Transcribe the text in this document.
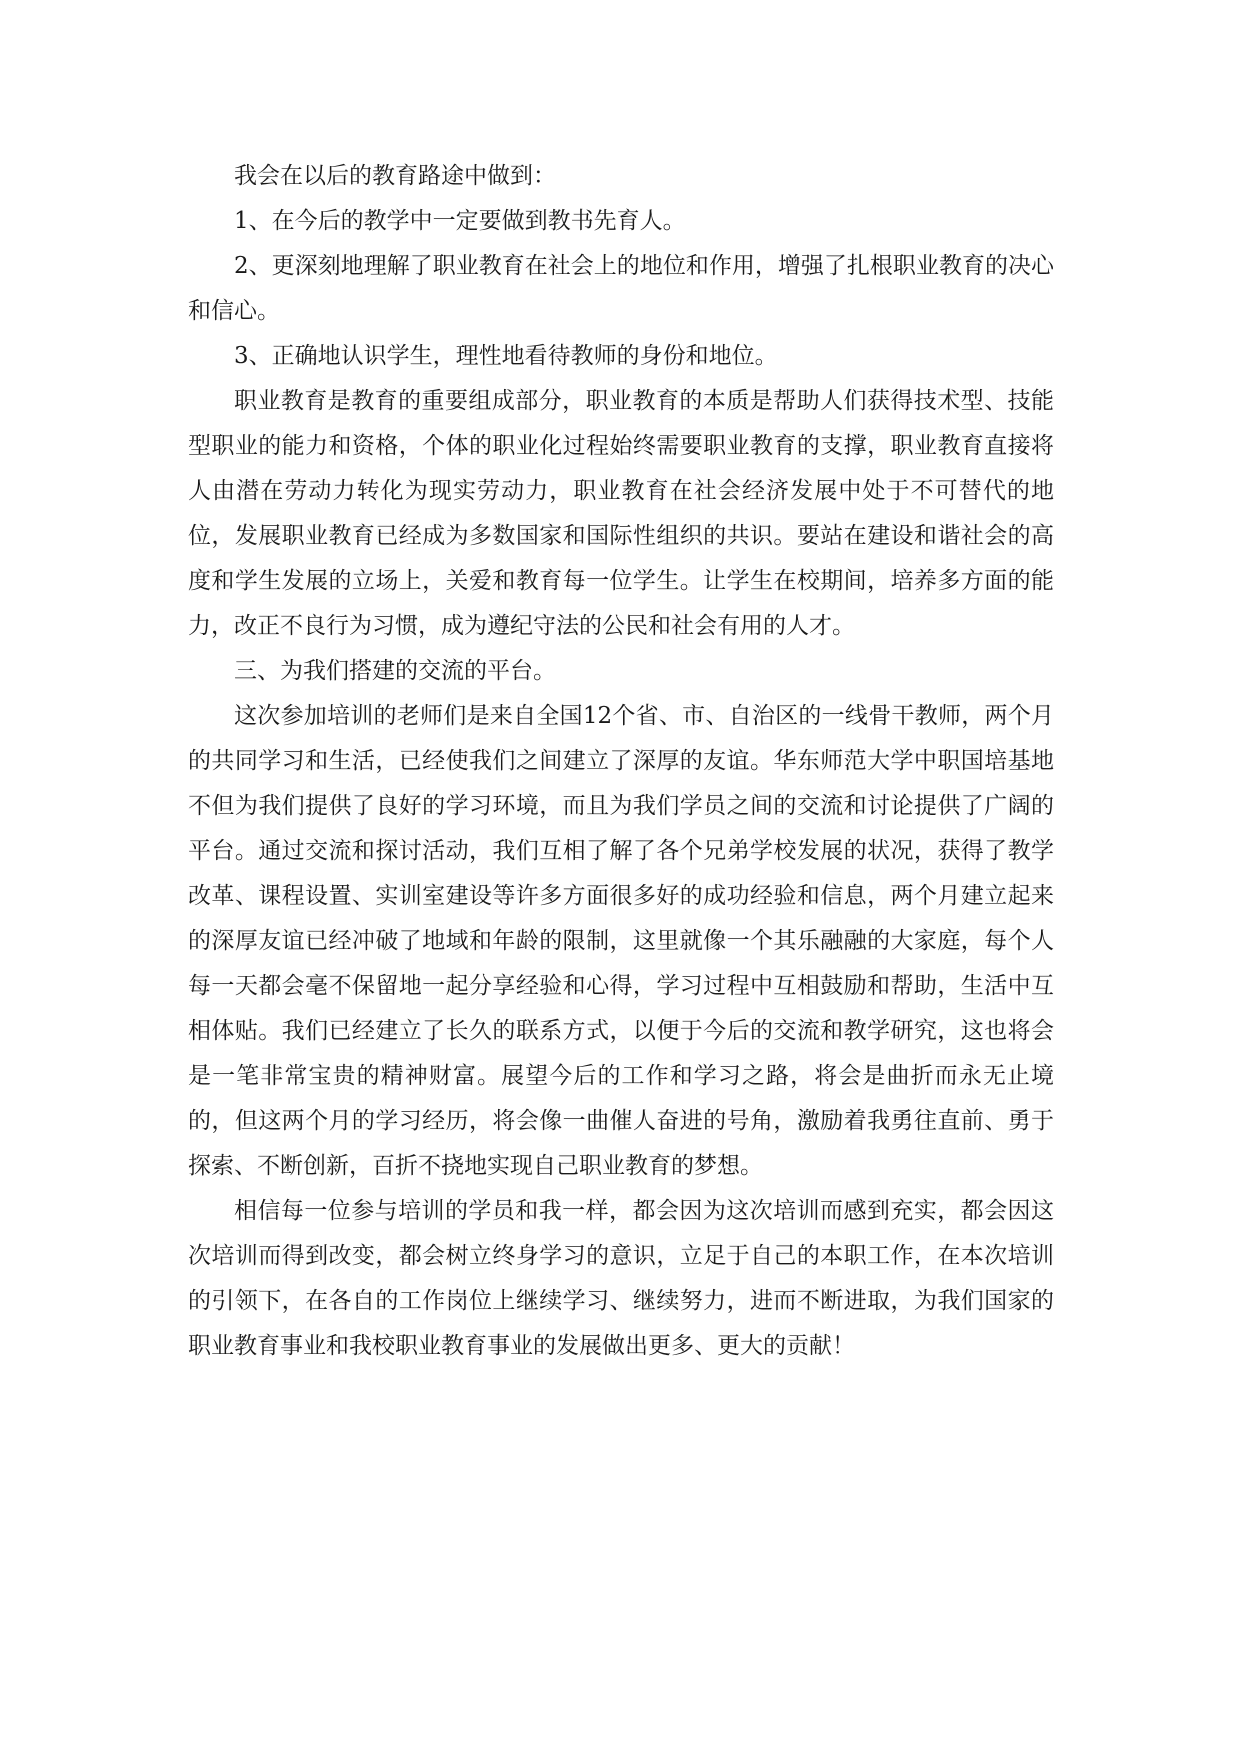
我会在以后的教育路途中做到：

1、在今后的教学中一定要做到教书先育人。

2、更深刻地理解了职业教育在社会上的地位和作用，增强了扎根职业教育的决心和信心。

3、正确地认识学生，理性地看待教师的身份和地位。

职业教育是教育的重要组成部分，职业教育的本质是帮助人们获得技术型、技能型职业的能力和资格，个体的职业化过程始终需要职业教育的支撑，职业教育直接将人由潜在劳动力转化为现实劳动力，职业教育在社会经济发展中处于不可替代的地位，发展职业教育已经成为多数国家和国际性组织的共识。要站在建设和谐社会的高度和学生发展的立场上，关爱和教育每一位学生。让学生在校期间，培养多方面的能力，改正不良行为习惯，成为遵纪守法的公民和社会有用的人才。

三、为我们搭建的交流的平台。

这次参加培训的老师们是来自全国12个省、市、自治区的一线骨干教师，两个月的共同学习和生活，已经使我们之间建立了深厚的友谊。华东师范大学中职国培基地不但为我们提供了良好的学习环境，而且为我们学员之间的交流和讨论提供了广阔的平台。通过交流和探讨活动，我们互相了解了各个兄弟学校发展的状况，获得了教学改革、课程设置、实训室建设等许多方面很多好的成功经验和信息，两个月建立起来的深厚友谊已经冲破了地域和年龄的限制，这里就像一个其乐融融的大家庭，每个人每一天都会毫不保留地一起分享经验和心得，学习过程中互相鼓励和帮助，生活中互相体贴。我们已经建立了长久的联系方式，以便于今后的交流和教学研究，这也将会是一笔非常宝贵的精神财富。展望今后的工作和学习之路，将会是曲折而永无止境的，但这两个月的学习经历，将会像一曲催人奋进的号角，激励着我勇往直前、勇于探索、不断创新，百折不挠地实现自己职业教育的梦想。

相信每一位参与培训的学员和我一样，都会因为这次培训而感到充实，都会因这次培训而得到改变，都会树立终身学习的意识，立足于自己的本职工作，在本次培训的引领下，在各自的工作岗位上继续学习、继续努力，进而不断进取，为我们国家的职业教育事业和我校职业教育事业的发展做出更多、更大的贡献！
